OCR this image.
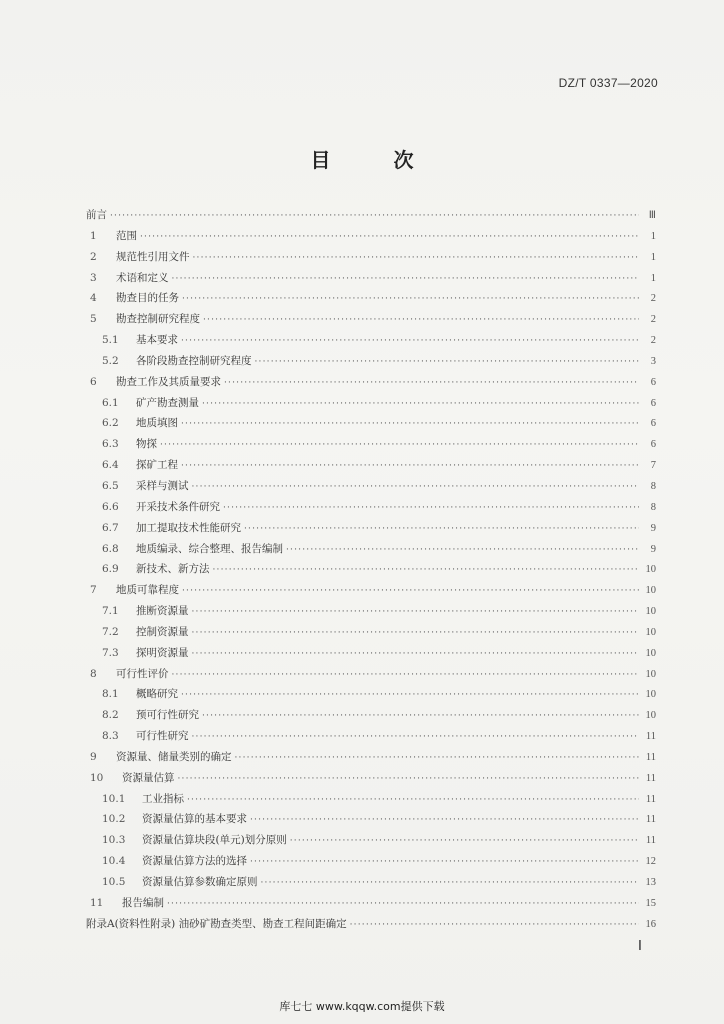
DZ/T 0337—2020
目 次
前言 ·····	Ⅲ
1	范围 ·····	1
2	规范性引用文件 ·····	1
3	术语和定义 ·····	1
4	勘查目的任务 ·····	2
5	勘查控制研究程度 ·····	2
5.1	基本要求 ·····	2
5.2	各阶段勘查控制研究程度 ·····	3
6	勘查工作及其质量要求 ·····	6
6.1	矿产勘查测量 ·····	6
6.2	地质填图 ·····	6
6.3	物探 ·····	6
6.4	探矿工程 ·····	7
6.5	采样与测试 ·····	8
6.6	开采技术条件研究 ·····	8
6.7	加工提取技术性能研究 ·····	9
6.8	地质编录、综合整理、报告编制 ·····	9
6.9	新技术、新方法 ·····	10
7	地质可靠程度 ·····	10
7.1	推断资源量 ·····	10
7.2	控制资源量 ·····	10
7.3	探明资源量 ·····	10
8	可行性评价 ·····	10
8.1	概略研究 ·····	10
8.2	预可行性研究 ·····	10
8.3	可行性研究 ·····	11
9	资源量、储量类别的确定 ·····	11
10	资源量估算 ·····	11
10.1	工业指标 ·····	11
10.2	资源量估算的基本要求 ·····	11
10.3	资源量估算块段(单元)划分原则 ·····	11
10.4	资源量估算方法的选择 ·····	12
10.5	资源量估算参数确定原则 ·····	13
11	报告编制 ·····	15
附录A(资料性附录) 油砂矿勘查类型、勘查工程间距确定 ·····	16
Ⅰ
库七七 www.kqqw.com提供下载
